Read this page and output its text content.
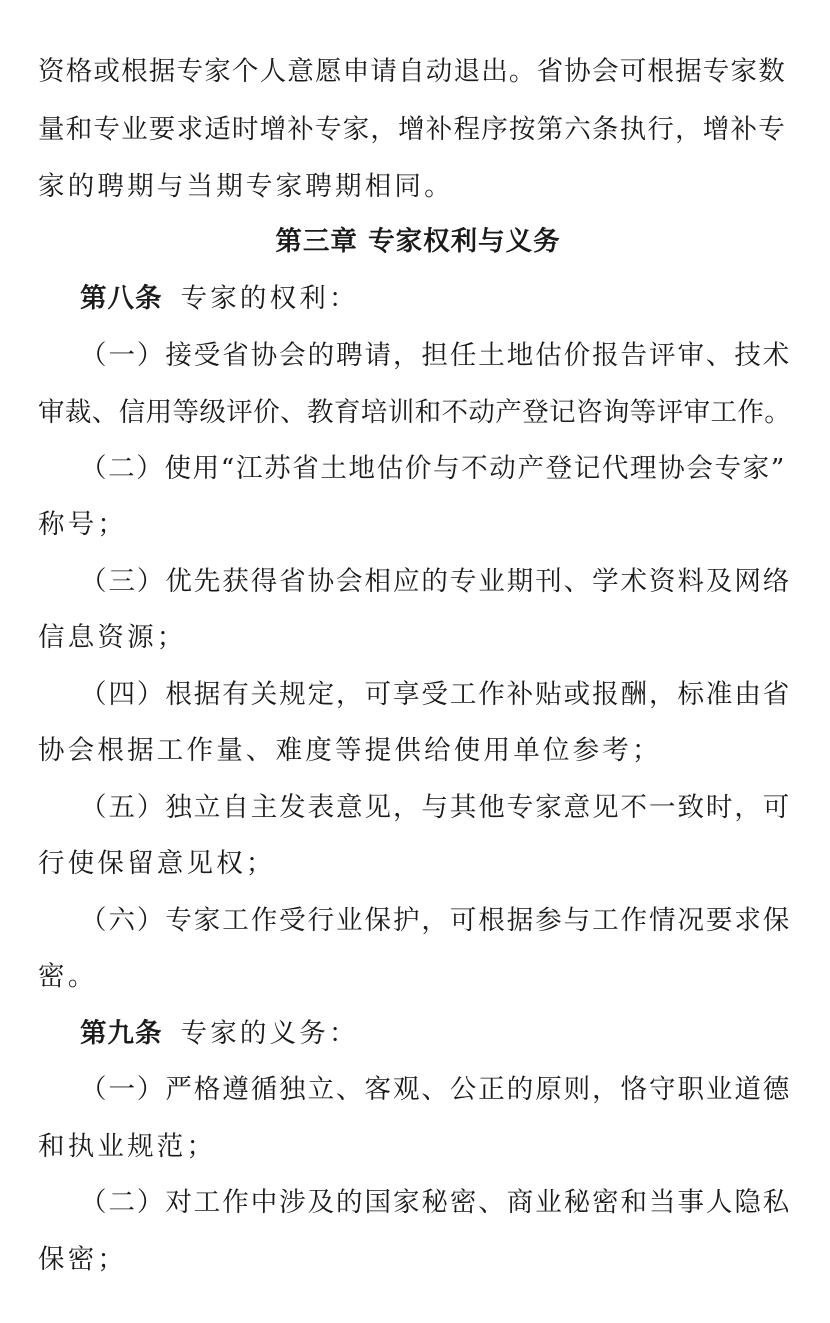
资格或根据专家个人意愿申请自动退出。省协会可根据专家数
量和专业要求适时增补专家，增补程序按第六条执行，增补专
家的聘期与当期专家聘期相同。
第三章 专家权利与义务
第八条 专家的权利：
（一）接受省协会的聘请，担任土地估价报告评审、技术
审裁、信用等级评价、教育培训和不动产登记咨询等评审工作。
（二）使用“江苏省土地估价与不动产登记代理协会专家”
称号；
（三）优先获得省协会相应的专业期刊、学术资料及网络
信息资源；
（四）根据有关规定，可享受工作补贴或报酬，标准由省
协会根据工作量、难度等提供给使用单位参考；
（五）独立自主发表意见，与其他专家意见不一致时，可
行使保留意见权；
（六）专家工作受行业保护，可根据参与工作情况要求保
密。
第九条 专家的义务：
（一）严格遵循独立、客观、公正的原则，恪守职业道德
和执业规范；
（二）对工作中涉及的国家秘密、商业秘密和当事人隐私
保密；
